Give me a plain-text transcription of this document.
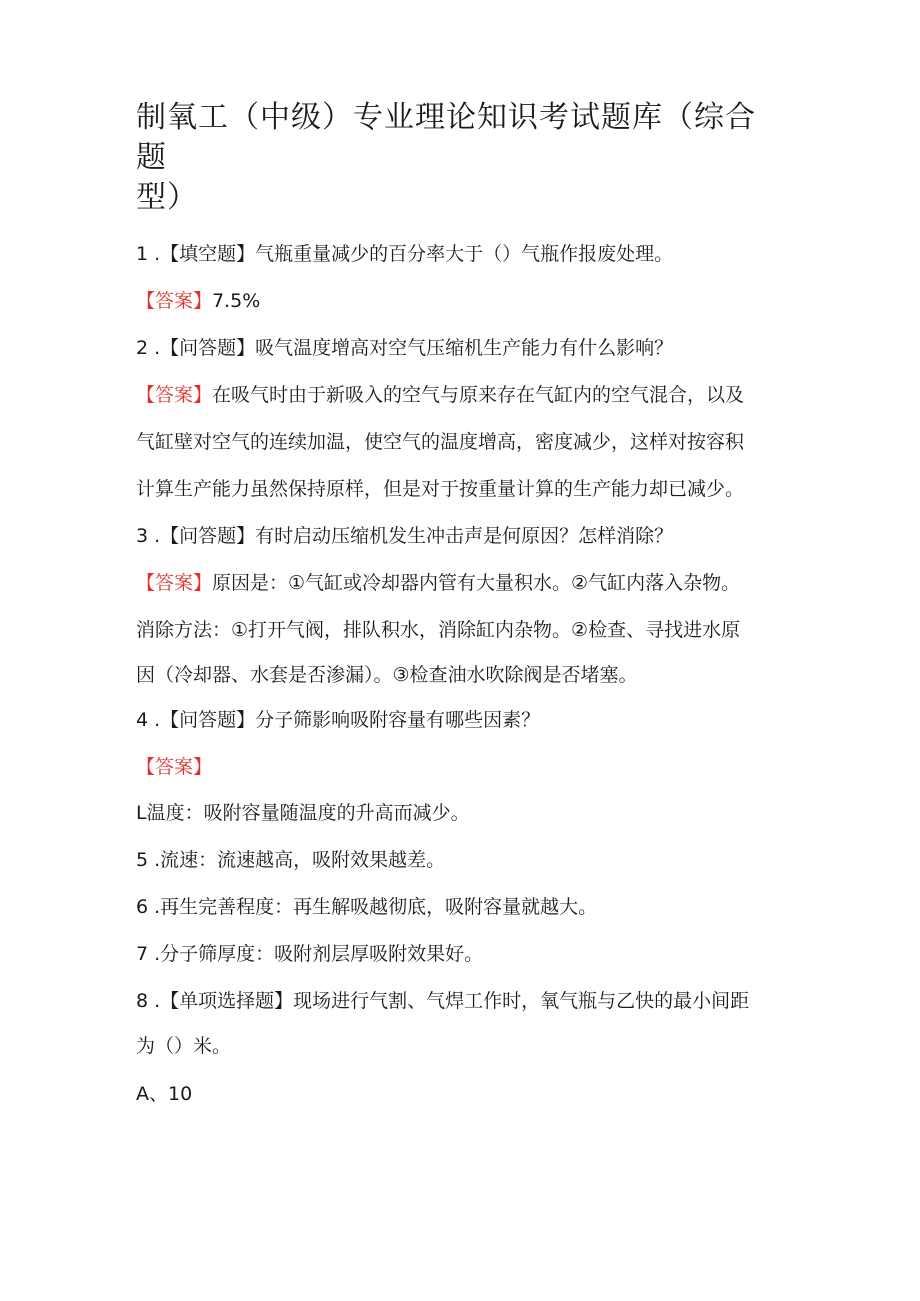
制氧工（中级）专业理论知识考试题库（综合题
型）

1 .【填空题】气瓶重量减少的百分率大于（）气瓶作报废处理。

【答案】7.5%

2 .【问答题】吸气温度增高对空气压缩机生产能力有什么影响？

【答案】在吸气时由于新吸入的空气与原来存在气缸内的空气混合，以及

气缸壁对空气的连续加温，使空气的温度增高，密度减少，这样对按容积

计算生产能力虽然保持原样，但是对于按重量计算的生产能力却已减少。

3 .【问答题】有时启动压缩机发生冲击声是何原因？怎样消除？

【答案】原因是：①气缸或冷却器内管有大量积水。②气缸内落入杂物。

消除方法：①打开气阀，排队积水，消除缸内杂物。②检查、寻找进水原

因（冷却器、水套是否渗漏）。③检查油水吹除阀是否堵塞。

4 .【问答题】分子筛影响吸附容量有哪些因素？

【答案】

L温度：吸附容量随温度的升高而减少。

5 .流速：流速越高，吸附效果越差。

6 .再生完善程度：再生解吸越彻底，吸附容量就越大。

7 .分子筛厚度：吸附剂层厚吸附效果好。

8 .【单项选择题】现场进行气割、气焊工作时，氧气瓶与乙快的最小间距

为（）米。

A、10
